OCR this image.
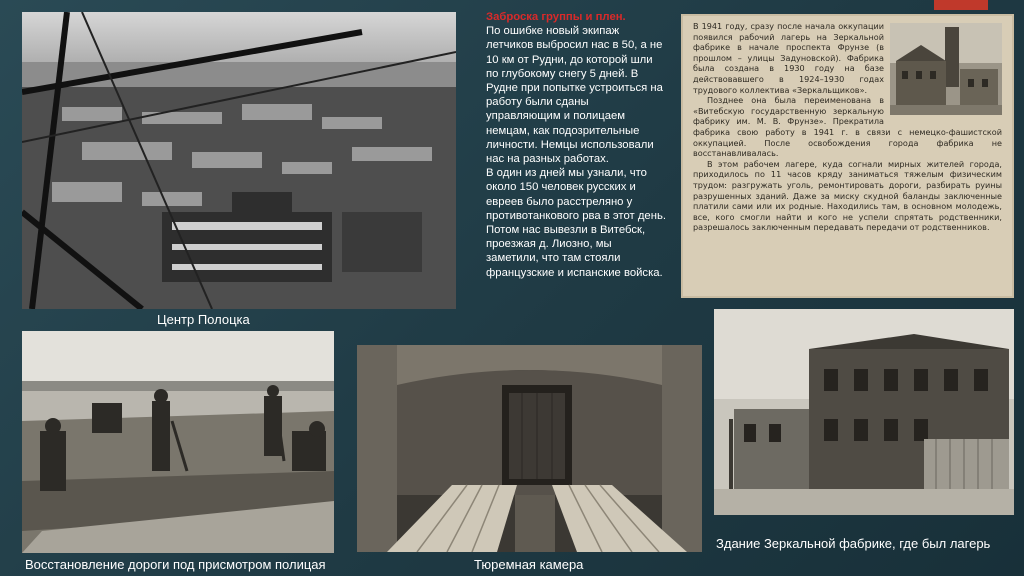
Центр Полоцка
Заброска группы и плен.

По ошибке новый экипаж летчиков выбросил нас в 50, а не 10 км от Рудни, до которой шли по глубокому снегу 5 дней. В Рудне при попытке устроиться на работу были сданы управляющим и полицаем немцам, как подозрительные личности. Немцы использовали нас на разных работах.

В один из дней мы узнали, что около 150 человек русских и евреев было расстреляно у противотанкового рва в этот день.

Потом нас вывезли в Витебск, проезжая д. Лиозно, мы заметили, что там стояли французские и испанские войска.

В 1941 году, сразу после начала оккупации появился рабочий лагерь на Зеркальной фабрике в начале проспекта Фрунзе (в прошлом – улицы Задуновской). Фабрика была создана в 1930 году на базе действовавшего в 1924–1930 годах трудового коллектива «Зеркальщиков».

Позднее она была переименована в «Витебскую государственную зеркальную фабрику им. М. В. Фрунзе». Прекратила фабрика свою работу в 1941 г. в связи с немецко-фашистской оккупацией. После освобождения города фабрика не восстанавливалась.

В этом рабочем лагере, куда согнали мирных жителей города, приходилось по 11 часов кряду заниматься тяжелым физическим трудом: разгружать уголь, ремонтировать дороги, разбирать руины разрушенных зданий. Даже за миску скудной баланды заключенные платили сами или их родные. Находились там, в основном молодежь, все, кого смогли найти и кого не успели спрятать родственники, разрешалось заключенным передавать передачи от родственников.

Восстановление дороги под присмотром полицая	Тюремная камера
Здание Зеркальной фабрике, где был лагерь
